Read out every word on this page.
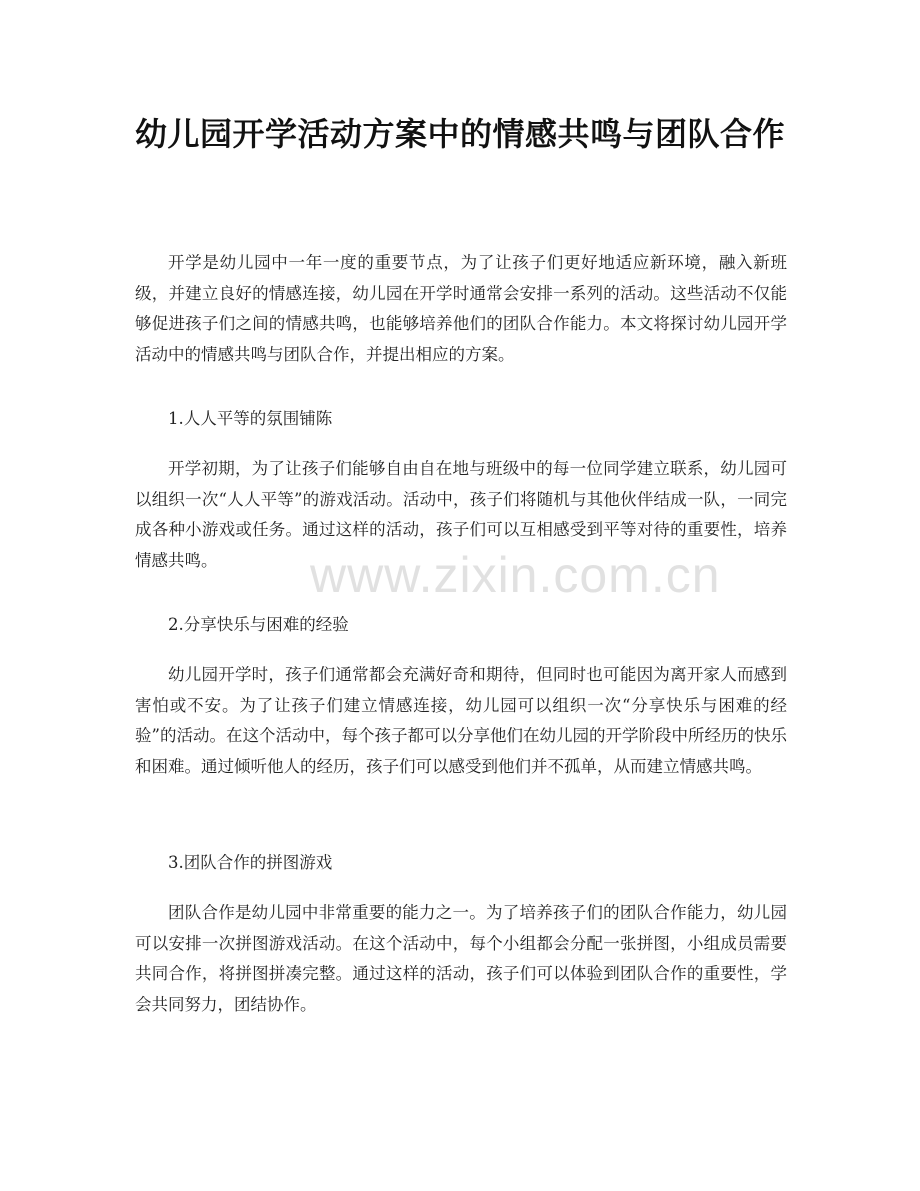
幼儿园开学活动方案中的情感共鸣与团队合作

开学是幼儿园中一年一度的重要节点，为了让孩子们更好地适应新环境，融入新班级，并建立良好的情感连接，幼儿园在开学时通常会安排一系列的活动。这些活动不仅能够促进孩子们之间的情感共鸣，也能够培养他们的团队合作能力。本文将探讨幼儿园开学活动中的情感共鸣与团队合作，并提出相应的方案。

1.人人平等的氛围铺陈

开学初期，为了让孩子们能够自由自在地与班级中的每一位同学建立联系，幼儿园可以组织一次“人人平等”的游戏活动。活动中，孩子们将随机与其他伙伴结成一队，一同完成各种小游戏或任务。通过这样的活动，孩子们可以互相感受到平等对待的重要性，培养情感共鸣。

2.分享快乐与困难的经验

幼儿园开学时，孩子们通常都会充满好奇和期待，但同时也可能因为离开家人而感到害怕或不安。为了让孩子们建立情感连接，幼儿园可以组织一次“分享快乐与困难的经验”的活动。在这个活动中，每个孩子都可以分享他们在幼儿园的开学阶段中所经历的快乐和困难。通过倾听他人的经历，孩子们可以感受到他们并不孤单，从而建立情感共鸣。

3.团队合作的拼图游戏

团队合作是幼儿园中非常重要的能力之一。为了培养孩子们的团队合作能力，幼儿园可以安排一次拼图游戏活动。在这个活动中，每个小组都会分配一张拼图，小组成员需要共同合作，将拼图拼凑完整。通过这样的活动，孩子们可以体验到团队合作的重要性，学会共同努力，团结协作。

www.zixin.com.cn
